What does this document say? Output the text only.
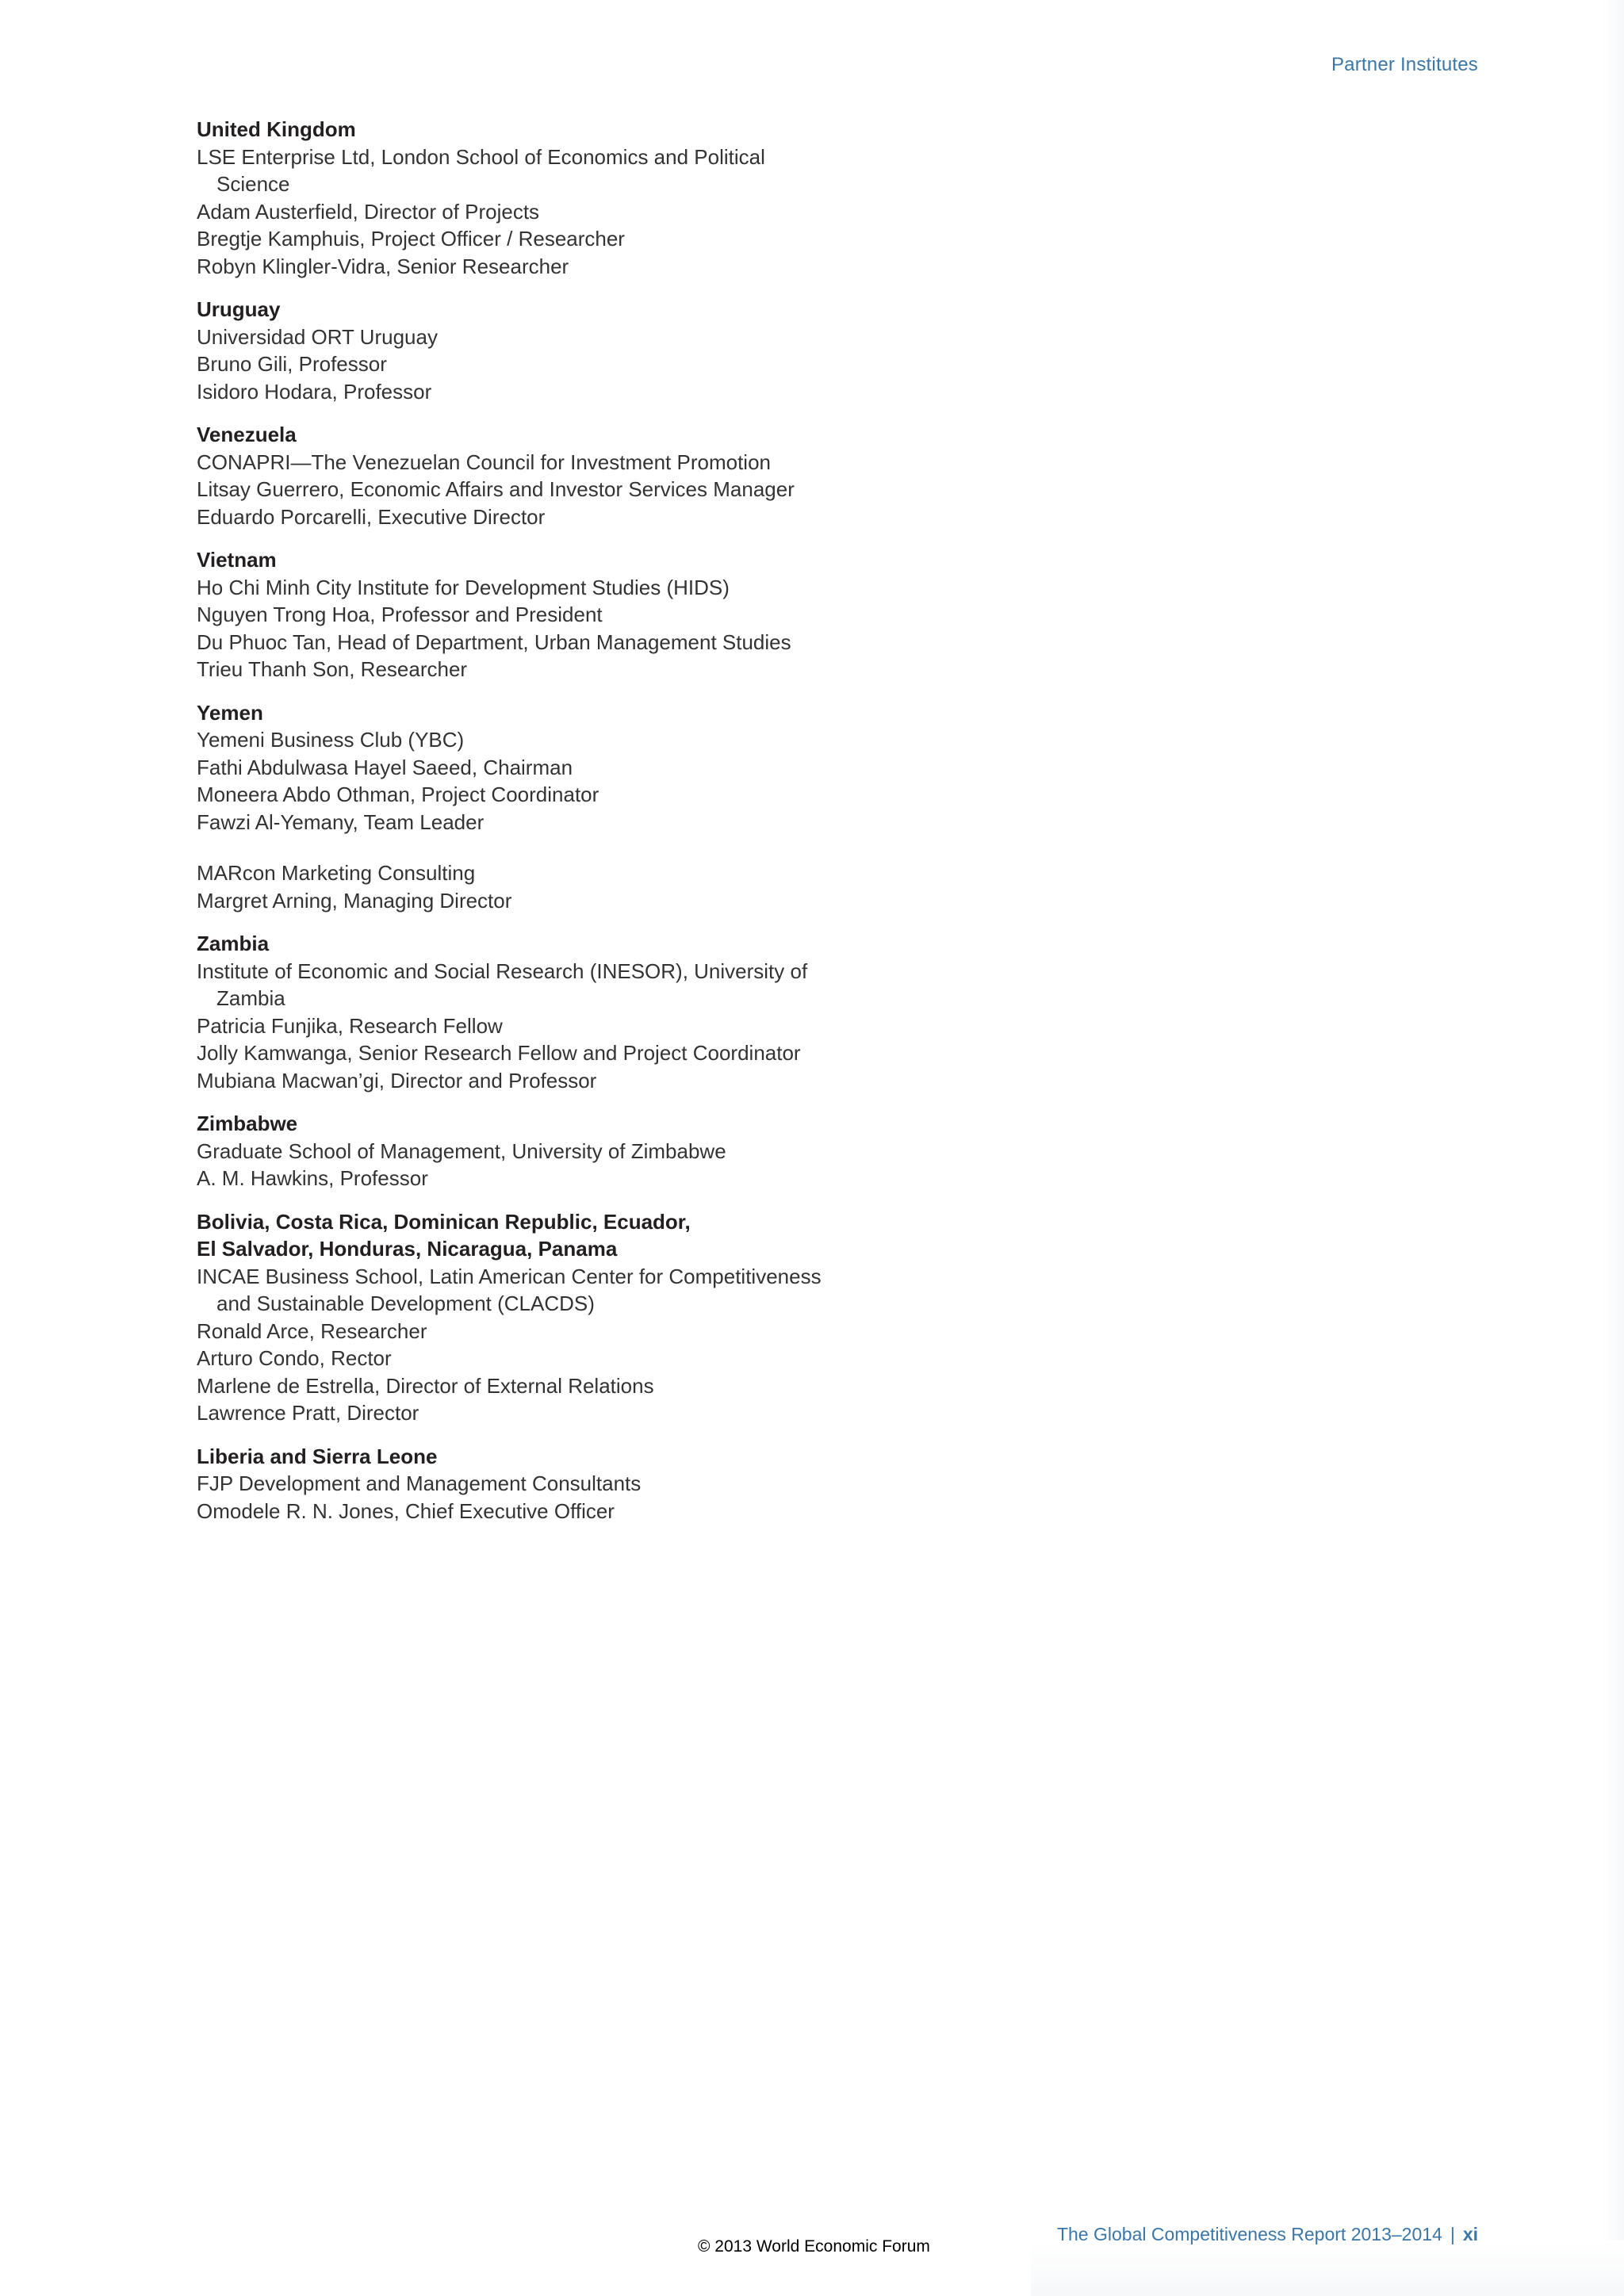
Partner Institutes
United Kingdom
LSE Enterprise Ltd, London School of Economics and Political Science
Adam Austerfield, Director of Projects
Bregtje Kamphuis, Project Officer / Researcher
Robyn Klingler-Vidra, Senior Researcher
Uruguay
Universidad ORT Uruguay
Bruno Gili, Professor
Isidoro Hodara, Professor
Venezuela
CONAPRI—The Venezuelan Council for Investment Promotion
Litsay Guerrero, Economic Affairs and Investor Services Manager
Eduardo Porcarelli, Executive Director
Vietnam
Ho Chi Minh City Institute for Development Studies (HIDS)
Nguyen Trong Hoa, Professor and President
Du Phuoc Tan, Head of Department, Urban Management Studies
Trieu Thanh Son, Researcher
Yemen
Yemeni Business Club (YBC)
Fathi Abdulwasa Hayel Saeed, Chairman
Moneera Abdo Othman, Project Coordinator
Fawzi Al-Yemany, Team Leader
MARcon Marketing Consulting
Margret Arning, Managing Director
Zambia
Institute of Economic and Social Research (INESOR), University of Zambia
Patricia Funjika, Research Fellow
Jolly Kamwanga, Senior Research Fellow and Project Coordinator
Mubiana Macwan’gi, Director and Professor
Zimbabwe
Graduate School of Management, University of Zimbabwe
A. M. Hawkins, Professor
Bolivia, Costa Rica, Dominican Republic, Ecuador,
El Salvador, Honduras, Nicaragua, Panama
INCAE Business School, Latin American Center for Competitiveness and Sustainable Development (CLACDS)
Ronald Arce, Researcher
Arturo Condo, Rector
Marlene de Estrella, Director of External Relations
Lawrence Pratt, Director
Liberia and Sierra Leone
FJP Development and Management Consultants
Omodele R. N. Jones, Chief Executive Officer
The Global Competitiveness Report 2013–2014 | xi
© 2013 World Economic Forum
